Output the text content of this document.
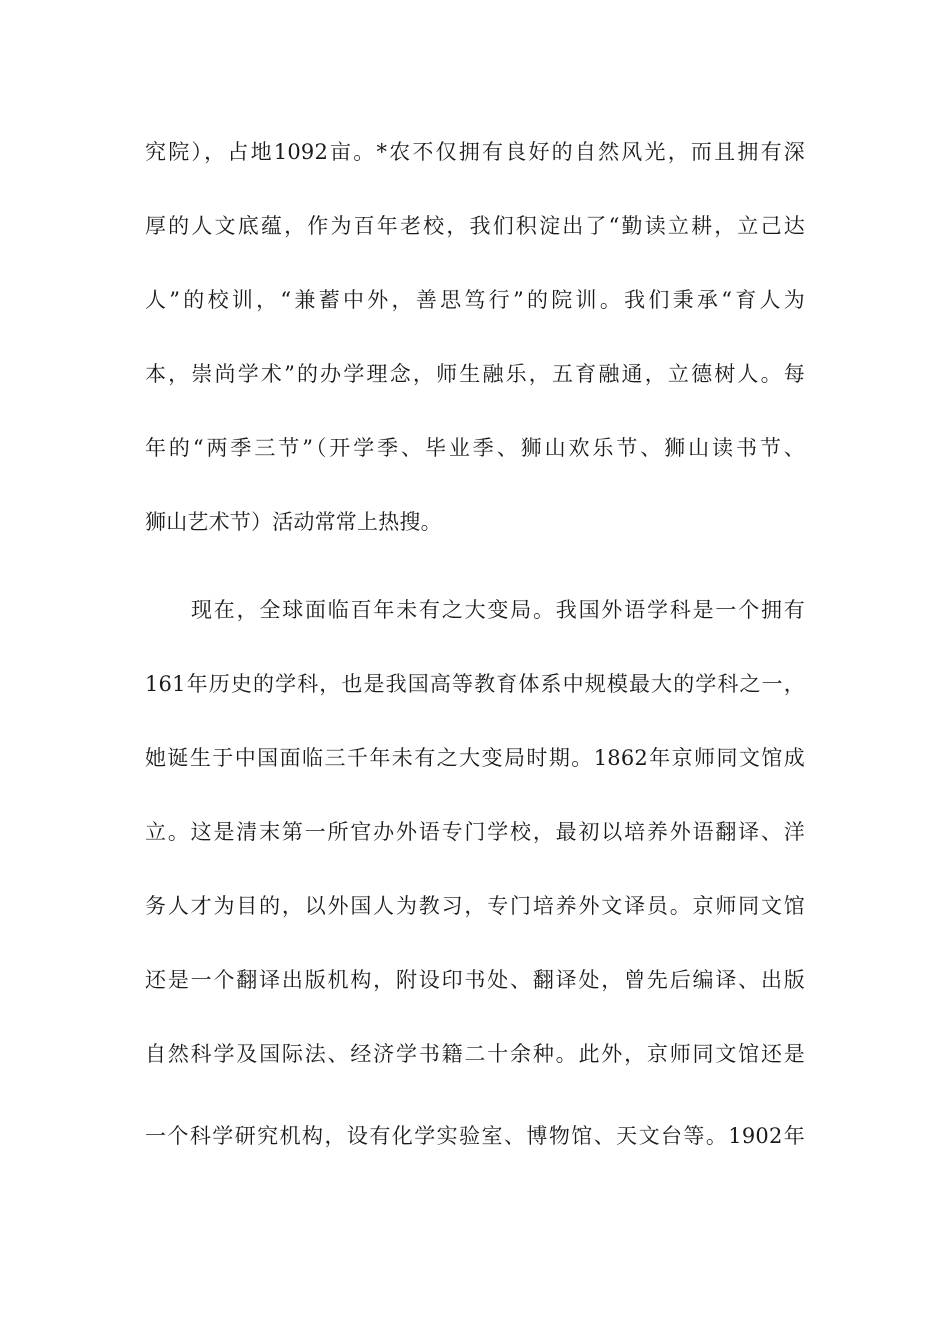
究院），占地1092亩。*农不仅拥有良好的自然风光，而且拥有深
厚的人文底蕴，作为百年老校，我们积淀出了“勤读立耕，立己达
人”的校训，“兼蓄中外，善思笃行”的院训。我们秉承“育人为
本，崇尚学术”的办学理念，师生融乐，五育融通，立德树人。每
年的“两季三节”（开学季、毕业季、狮山欢乐节、狮山读书节、
狮山艺术节）活动常常上热搜。
现在，全球面临百年未有之大变局。我国外语学科是一个拥有
161年历史的学科，也是我国高等教育体系中规模最大的学科之一，
她诞生于中国面临三千年未有之大变局时期。1862年京师同文馆成
立。这是清末第一所官办外语专门学校，最初以培养外语翻译、洋
务人才为目的，以外国人为教习，专门培养外文译员。京师同文馆
还是一个翻译出版机构，附设印书处、翻译处，曾先后编译、出版
自然科学及国际法、经济学书籍二十余种。此外，京师同文馆还是
一个科学研究机构，设有化学实验室、博物馆、天文台等。1902年
